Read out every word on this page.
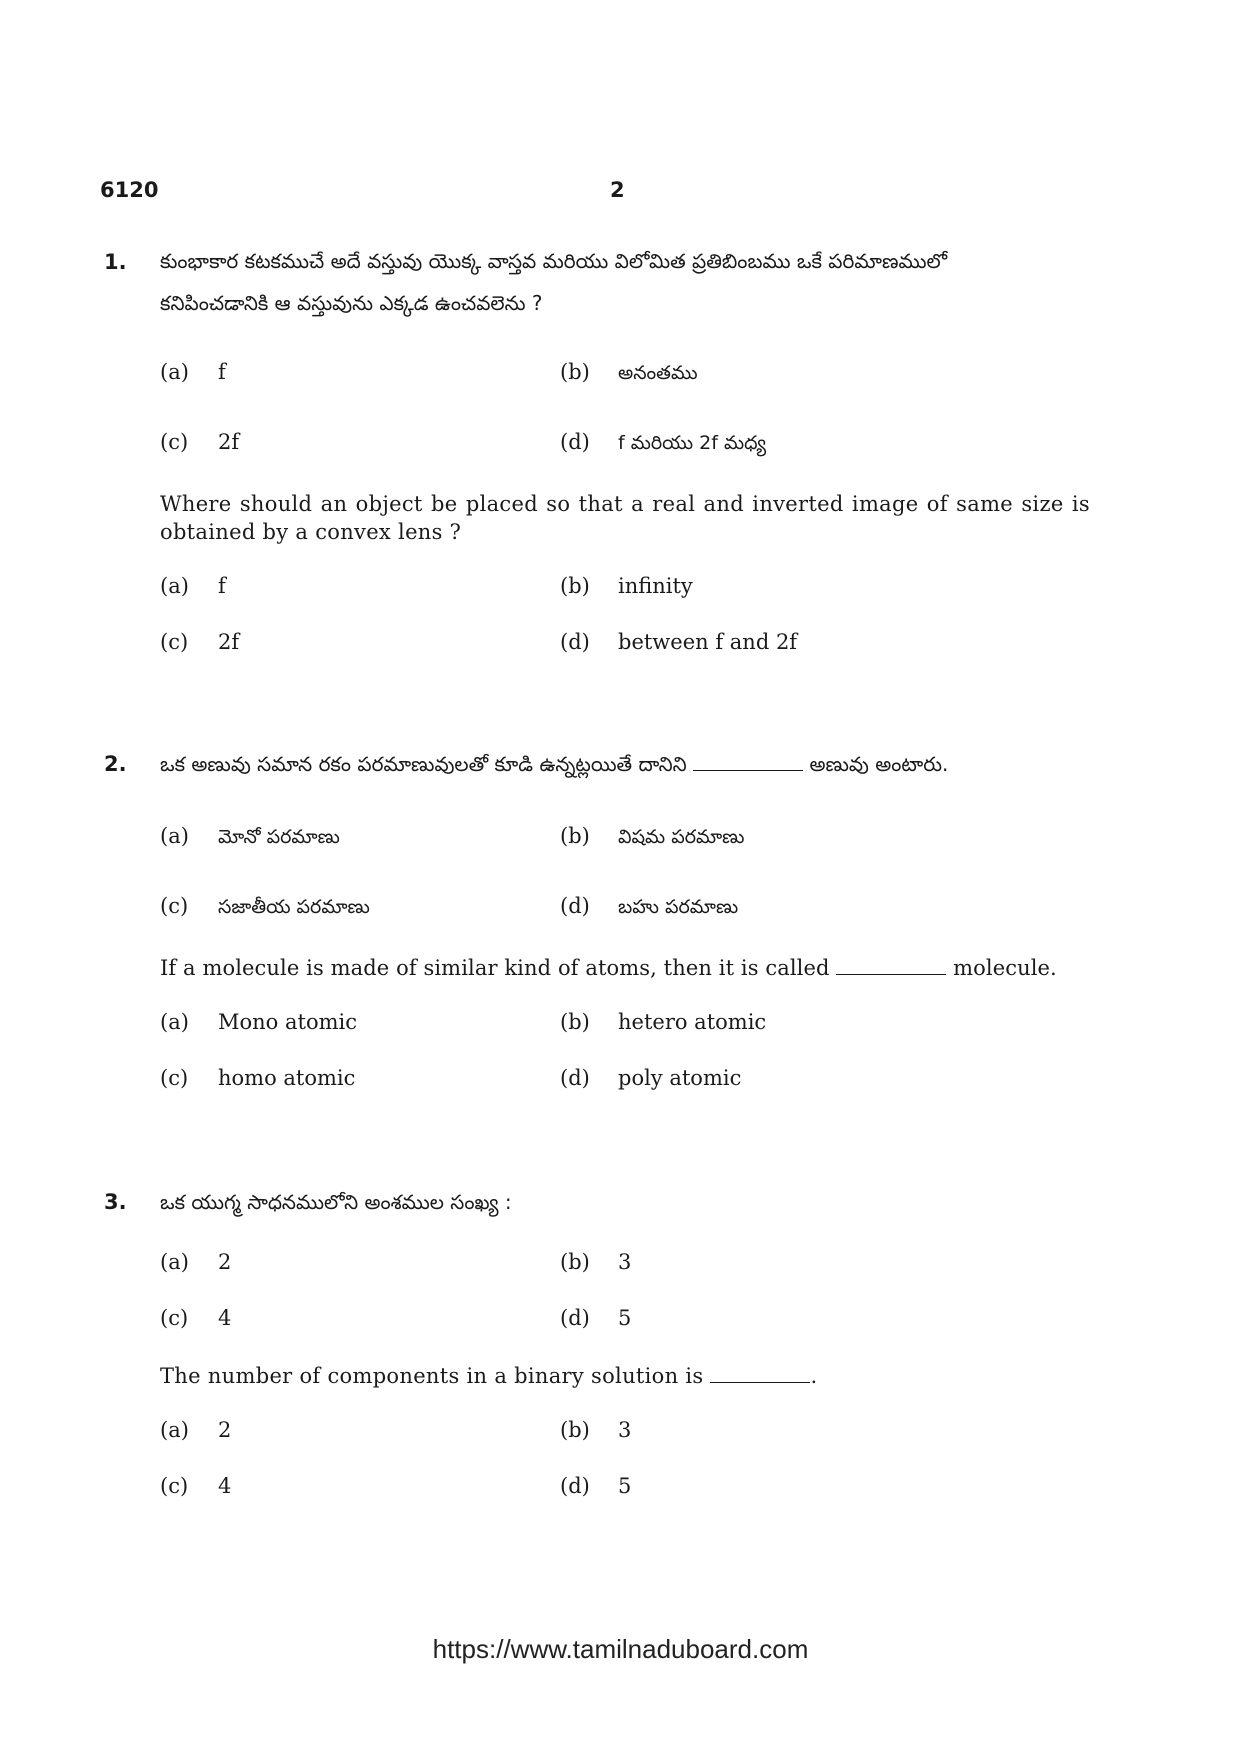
6120	2
1. కుంభాకార కటకముచే అదే వస్తువు యొక్క వాస్తవ మరియు విలోమిత ప్రతిబింబము ఒకే పరిమాణములో
కనిపించడానికి ఆ వస్తువును ఎక్కడ ఉంచవలెను ?
(a) f	(b) అనంతము
(c) 2f	(d) f మరియు 2f మధ్య
Where should an object be placed so that a real and inverted image of same size is obtained by a convex lens ?
(a) f	(b) infinity
(c) 2f	(d) between f and 2f
2. ఒక అణువు సమాన రకం పరమాణువులతో కూడి ఉన్నట్లయితే దానిని	అణువు అంటారు.
(a) మోనో పరమాణు	(b) విషమ పరమాణు
(c) సజాతీయ పరమాణు	(d) బహు పరమాణు
If a molecule is made of similar kind of atoms, then it is called	molecule.
(a) Mono atomic	(b) hetero atomic
(c) homo atomic	(d) poly atomic
3. ఒక యుగ్మ సాధనములోని అంశముల సంఖ్య :
(a) 2	(b) 3
(c) 4	(d) 5
The number of components in a binary solution is	.
(a) 2	(b) 3
(c) 4	(d) 5
https://www.tamilnaduboard.com
